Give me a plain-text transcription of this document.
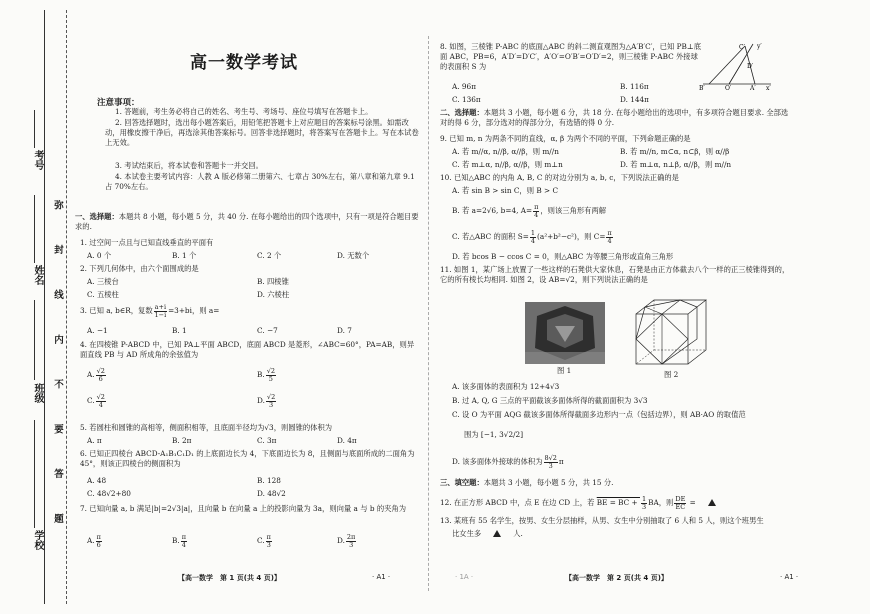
考号
姓名
班级
学校
弥 封 线 内 不 要 答 题
高一数学考试
注意事项：
1. 答题前，考生务必将自己的姓名、考生号、考场号、座位号填写在答题卡上。
2. 回答选择题时，选出每小题答案后，用铅笔把答题卡上对应题目的答案标号涂黑。如需改动，用橡皮擦干净后，再选涂其他答案标号。回答非选择题时，将答案写在答题卡上。写在本试卷上无效。
3. 考试结束后，将本试卷和答题卡一并交回。
4. 本试卷主要考试内容：人教 A 版必修第二册第六、七章占 30%左右，第八章和第九章 9.1 占 70%左右。
一、选择题：本题共 8 小题，每小题 5 分，共 40 分. 在每小题给出的四个选项中，只有一项是符合题目要求的.
1. 过空间一点且与已知直线垂直的平面有
A. 0 个	B. 1 个	C. 2 个	D. 无数个
2. 下列几何体中，由六个面围成的是
A. 三棱台	B. 四棱锥
C. 五棱柱	D. 六棱柱
3. 已知 a, b∈R，复数 $\frac{a+i}{1-i} =3+bi$，则 a=
A. −1	B. 1	C. −7	D. 7
4. 在四棱锥 P-ABCD 中，已知 PA⊥平面 ABCD，底面 ABCD 是菱形，∠ABC=60°，PA=AB，则异面直线 PB 与 AD 所成角的余弦值为
A. $\frac{√2}{6}$	B. $\frac{√2}{5}$
C. $\frac{√2}{4}$	D. $\frac{√2}{3}$
5. 若圆柱和圆锥的高相等，侧面积相等，且底面半径均为√3，则圆锥的体积为
A. π	B. 2π	C. 3π	D. 4π
6. 已知正四棱台 ABCD-A₁B₁C₁D₁ 的上底面边长为 4，下底面边长为 8，且侧面与底面所成的二面角为 45°，则该正四棱台的侧面积为
A. 48	B. 128
C. 48√2+80	D. 48√2
7. 已知向量 a, b 满足|b|=2√3|a|，且向量 b 在向量 a 上的投影向量为 3a，则向量 a 与 b 的夹角为
A. $\frac{\pi}{6}$	B. $\frac{\pi}{4}$	C. $\frac{\pi}{3}$	D. $\frac{2\pi}{3}$
【高一数学　第 1 页(共 4 页)】	· A1 ·	· 1A ·
8. 如图，三棱锥 P-ABC 的底面△ABC 的斜二测直观图为△A′B′C′，已知 PB⊥底面 ABC，PB=6，A′D′=D′C′，A′O′=O′B′=O′D′=2，则三棱锥 P-ABC 外接球的表面积 S 为
C′
D′
B′	O′	A′ x′
y′
A. 96π	B. 116π
C. 136π	D. 144π
二、选择题：本题共 3 小题，每小题 6 分，共 18 分. 在每小题给出的选项中，有多项符合题目要求. 全部选对的得 6 分，部分选对的得部分分，有选错的得 0 分.
9. 已知 m, n 为两条不同的直线，α, β 为两个不同的平面，下列命题正确的是
A. 若 m//α, n//β, α//β，则 m//n	B. 若 m//n, m⊂α, n⊂β，则 α//β
C. 若 m⊥α, n//β, α//β，则 m⊥n	D. 若 m⊥α, n⊥β, α//β，则 m//n
10. 已知△ABC 的内角 A, B, C 的对边分别为 a, b, c，下列说法正确的是
A. 若 sin B > sin C，则 B > C
B. 若 a=2√6, b=4, $A= \frac{\pi}{4}$ ，则该三角形有两解
C. 若△ABC 的面积 $S= \frac{1}{4} (a^2+b^2-c^2)$，则 $C= \frac{\pi}{4}$
D. 若 bcos B − ccos C = 0，则△ABC 为等腰三角形或直角三角形
11. 如图 1，某广场上放置了一些这样的石凳供大家休息，石凳是由正方体截去八个一样的正三棱锥得到的，它的所有棱长均相同. 如图 2，设 AB=√2，则下列说法正确的是
图 1	图 2
A. 该多面体的表面积为 12+4√3
B. 过 A, Q, G 三点的平面截该多面体所得的截面面积为 3√3
C. 设 O 为平面 AQG 截该多面体所得截面多边形内一点（包括边界），则 AB·AO 的取值范
围为 [−1, 3√2/2]
D. 该多面体外接球的体积为 $\frac{8√2}{3}$ π
三、填空题：本题共 3 小题，每小题 5 分，共 15 分.
12. 在正方形 ABCD 中，点 E 在边 CD 上，若 BE = BC + $\frac{1}{3}$ BA，则 $\frac{DE}{EC}$ =
13. 某班有 55 名学生，按男、女生分层抽样，从男、女生中分别抽取了 6 人和 5 人，则这个班男生
比女生多	人.
【高一数学　第 2 页(共 4 页)】	· A1 ·
